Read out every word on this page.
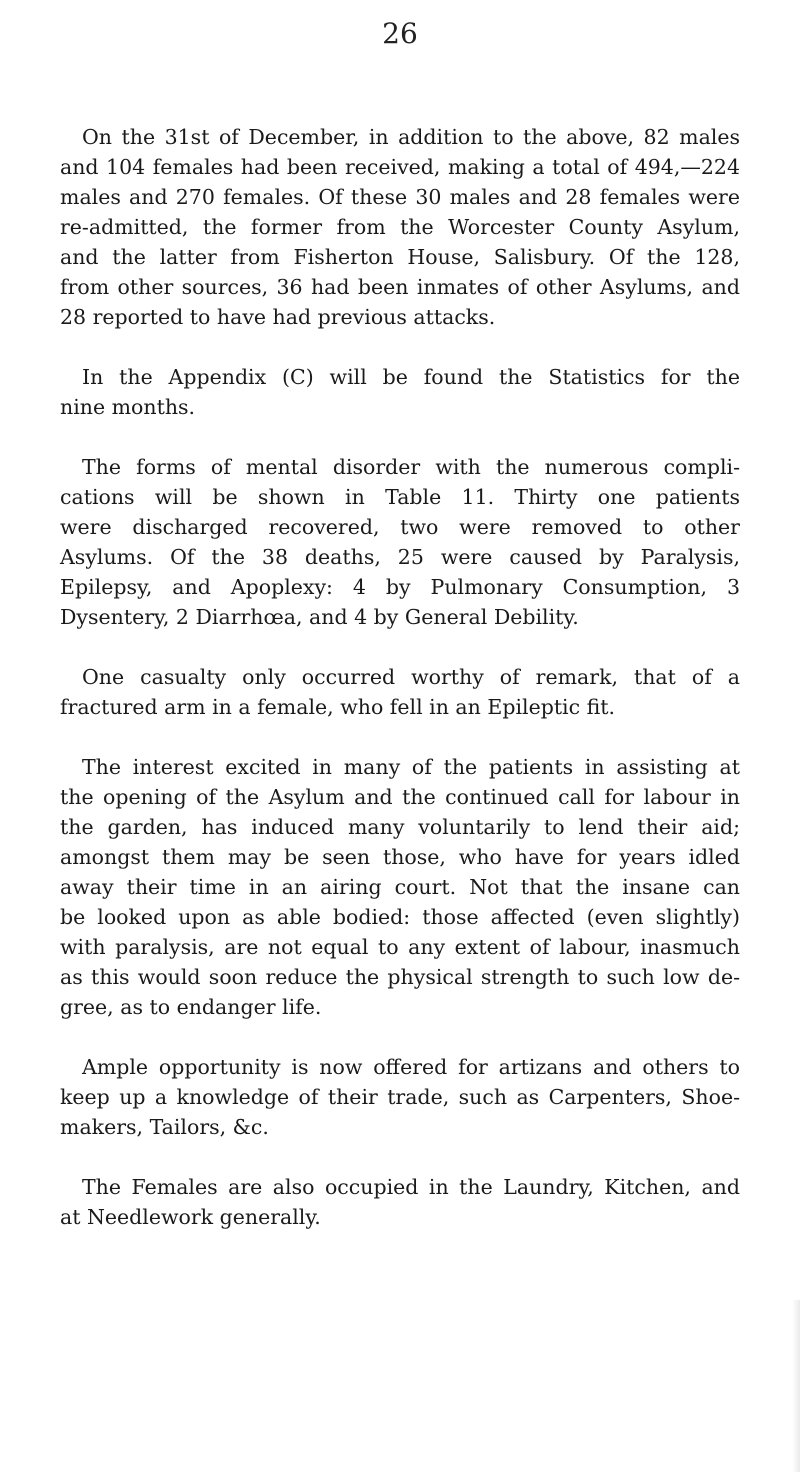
26
On the 31st of December, in addition to the above, 82 males
and 104 females had been received, making a total of 494,—224
males and 270 females. Of these 30 males and 28 females were
re-admitted, the former from the Worcester County Asylum,
and the latter from Fisherton House, Salisbury. Of the 128,
from other sources, 36 had been inmates of other Asylums, and
28 reported to have had previous attacks.
In the Appendix (C) will be found the Statistics for the
nine months.
The forms of mental disorder with the numerous compli-
cations will be shown in Table 11. Thirty one patients
were discharged recovered, two were removed to other
Asylums. Of the 38 deaths, 25 were caused by Paralysis,
Epilepsy, and Apoplexy: 4 by Pulmonary Consumption, 3
Dysentery, 2 Diarrhœa, and 4 by General Debility.
One casualty only occurred worthy of remark, that of a
fractured arm in a female, who fell in an Epileptic fit.
The interest excited in many of the patients in assisting at
the opening of the Asylum and the continued call for labour in
the garden, has induced many voluntarily to lend their aid;
amongst them may be seen those, who have for years idled
away their time in an airing court. Not that the insane can
be looked upon as able bodied: those affected (even slightly)
with paralysis, are not equal to any extent of labour, inasmuch
as this would soon reduce the physical strength to such low de-
gree, as to endanger life.
Ample opportunity is now offered for artizans and others to
keep up a knowledge of their trade, such as Carpenters, Shoe-
makers, Tailors, &c.
The Females are also occupied in the Laundry, Kitchen, and
at Needlework generally.
